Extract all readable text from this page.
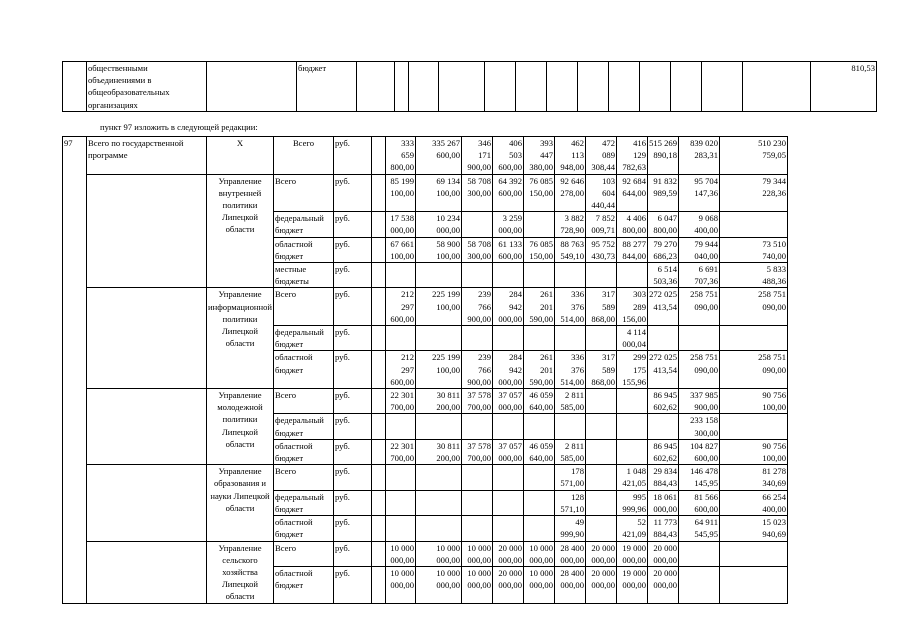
	общественными
объединениями в
общеобразовательных
организациях		бюджет														810,53
пункт 97 изложить в следующей редакции:
97	Всего по государственной программе	X	Всего	руб.		333
659
800,00	335 267
600,00	346
171
900,00	406
503
600,00	393
447
380,00	462
113
948,00	472
089
308,44	416
129
782,63	515 269
890,18	839 020 283,31	510 230
759,05
		Управление
внутренней
политики
Липецкой
области	Всего	руб.		85 199
100,00	69 134
100,00	58 708
300,00	64 392
600,00	76 085
150,00	92 646
278,00	103
604
440,44	92 684
644,00	91 832
989,59	95 704 147,36	79 344
228,36
			федеральный
бюджет	руб.		17 538
000,00	10 234
000,00		3 259
000,00		3 882
728,90	7 852
009,71	4 406
800,00	6 047
800,00	9 068 400,00	
			областной
бюджет	руб.		67 661
100,00	58 900
100,00	58 708
300,00	61 133
600,00	76 085
150,00	88 763
549,10	95 752
430,73	88 277
844,00	79 270
686,23	79 944 040,00	73 510
740,00
			местные
бюджеты	руб.										6 514
503,36	6 691 707,36	5 833
488,36
		Управление
информационной
политики
Липецкой
области	Всего	руб.		212
297
600,00	225 199
100,00	239
766
900,00	284
942
000,00	261
201
590,00	336
376
514,00	317
589
868,00	303
289
156,00	272 025
413,54	258 751 090,00	258 751
090,00
			федеральный
бюджет	руб.									4 114
000,04			
			областной
бюджет	руб.		212
297
600,00	225 199
100,00	239
766
900,00	284
942
000,00	261
201
590,00	336
376
514,00	317
589
868,00	299
175
155,96	272 025
413,54	258 751 090,00	258 751
090,00
		Управление
молодежной
политики
Липецкой
области	Всего	руб.		22 301
700,00	30 811
200,00	37 578
700,00	37 057
000,00	46 059
640,00	2 811
585,00			86 945
602,62	337 985 900,00	90 756
100,00
			федеральный
бюджет	руб.											233 158 300,00	
			областной
бюджет	руб.		22 301
700,00	30 811
200,00	37 578
700,00	37 057
000,00	46 059
640,00	2 811
585,00			86 945
602,62	104 827 600,00	90 756
100,00
		Управление
образования и
науки Липецкой
области	Всего	руб.							178
571,00		1 048
421,05	29 834
884,43	146 478 145,95	81 278
340,69
			федеральный
бюджет	руб.							128
571,10		995
999,96	18 061
000,00	81 566 600,00	66 254
400,00
			областной
бюджет	руб.							49
999,90		52
421,09	11 773
884,43	64 911 545,95	15 023
940,69
		Управление
сельского
хозяйства
Липецкой
области	Всего	руб.		10 000
000,00	10 000
000,00	10 000
000,00	20 000
000,00	10 000
000,00	28 400
000,00	20 000
000,00	19 000
000,00	20 000
000,00		
			областной
бюджет	руб.		10 000
000,00	10 000
000,00	10 000
000,00	20 000
000,00	10 000
000,00	28 400
000,00	20 000
000,00	19 000
000,00	20 000
000,00		
